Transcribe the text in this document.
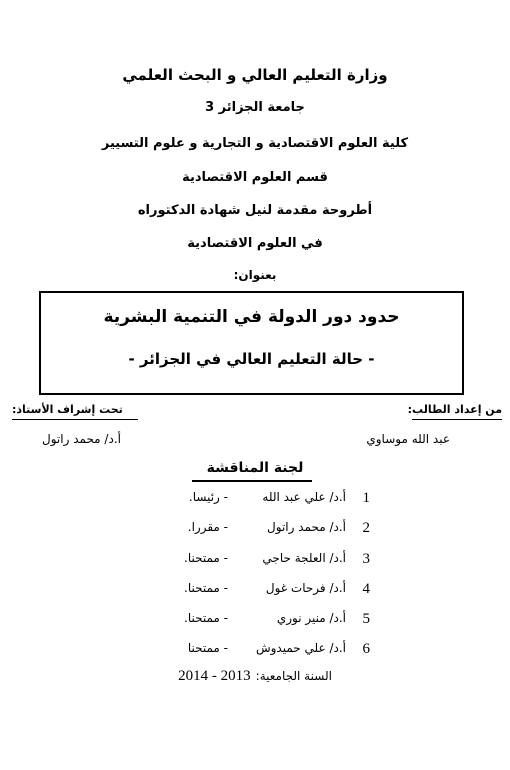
وزارة التعليم العالي و البحث العلمي
جامعة الجزائر 3
كلية العلوم الاقتصادية و التجارية و علوم التسيير
قسم العلوم الاقتصادية
أطروحة مقدمة لنيل شهادة الدكتوراه
في العلوم الاقتصادية
بعنوان:
حدود دور الدولة في التنمية البشرية
- حالة التعليم العالي في الجزائر -
من إعداد الطالب:
تحت إشراف الأستاذ:
عبد الله موساوي
أ.د/ محمد راتول
لجنة المناقشة
1
أ.د/ علي عبد الله
- رئيسا.
2
أ.د/ محمد راتول
- مقررا.
3
أ.د/ العلجة حاجي
- ممتحنا.
4
أ.د/ فرحات غول
- ممتحنا.
5
أ.د/ منير نوري
- ممتحنا.
6
أ.د/ علي حميدوش
- ممتحنا
السنة الجامعية: 2013 - 2014
